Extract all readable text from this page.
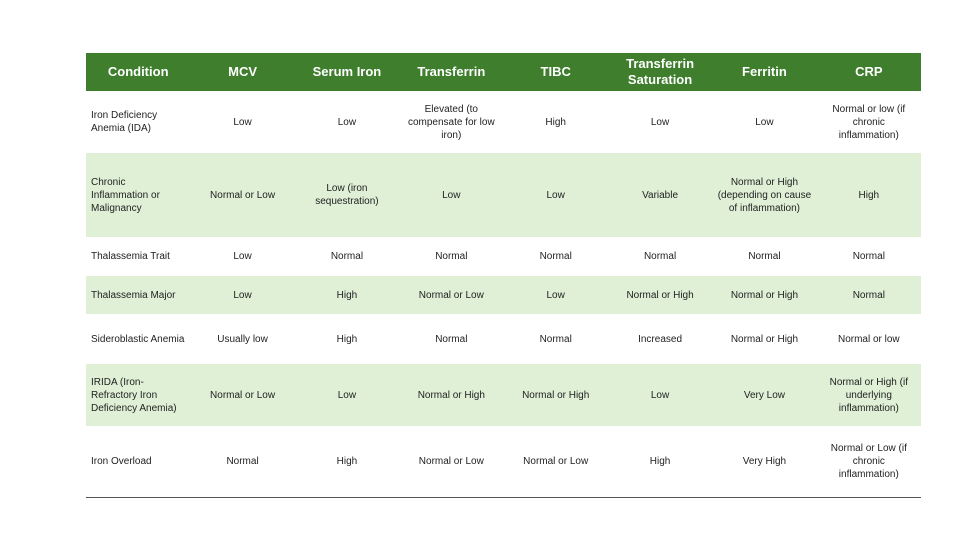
Condition	MCV	Serum Iron	Transferrin	TIBC	Transferrin Saturation	Ferritin	CRP
Iron Deficiency Anemia (IDA)	Low	Low	Elevated (to compensate for low iron)	High	Low	Low	Normal or low (if chronic inflammation)
Chronic Inflammation or Malignancy	Normal or Low	Low (iron sequestration)	Low	Low	Variable	Normal or High (depending on cause of inflammation)	High
Thalassemia Trait	Low	Normal	Normal	Normal	Normal	Normal	Normal
Thalassemia Major	Low	High	Normal or Low	Low	Normal or High	Normal or High	Normal
Sideroblastic Anemia	Usually low	High	Normal	Normal	Increased	Normal or High	Normal or low
IRIDA (Iron-Refractory Iron Deficiency Anemia)	Normal or Low	Low	Normal or High	Normal or High	Low	Very Low	Normal or High (if underlying inflammation)
Iron Overload	Normal	High	Normal or Low	Normal or Low	High	Very High	Normal or Low (if chronic inflammation)
